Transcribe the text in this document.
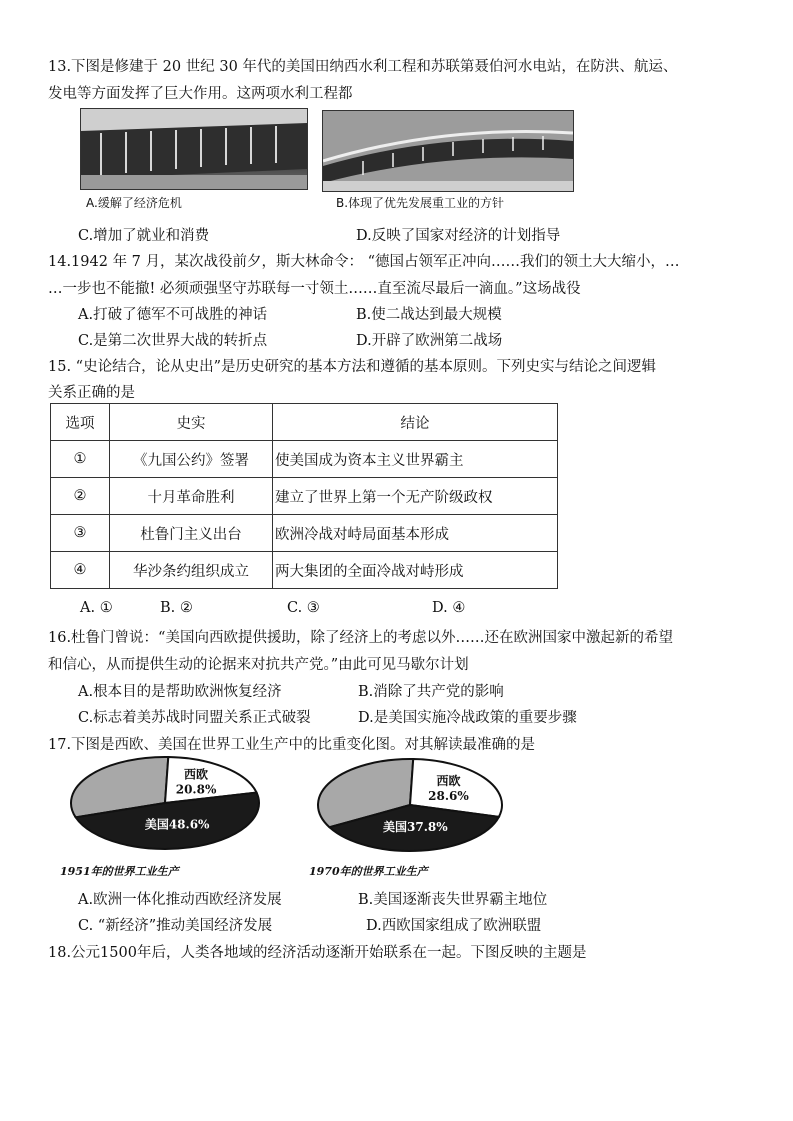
13.下图是修建于 20 世纪 30 年代的美国田纳西水利工程和苏联第聂伯河水电站，在防洪、航运、
发电等方面发挥了巨大作用。这两项水利工程都
A.缓解了经济危机	B.体现了优先发展重工业的方针
C.增加了就业和消费	D.反映了国家对经济的计划指导
14.1942 年 7 月，某次战役前夕，斯大林命令： “德国占领军正冲向……我们的领土大大缩小，…
…一步也不能撤! 必须顽强坚守苏联每一寸领土……直至流尽最后一滴血。”这场战役
A.打破了德军不可战胜的神话	B.使二战达到最大规模
C.是第二次世界大战的转折点	D.开辟了欧洲第二战场
15. “史论结合，论从史出”是历史研究的基本方法和遵循的基本原则。下列史实与结论之间逻辑
关系正确的是
选项	史实	结论
①	《九国公约》签署	使美国成为资本主义世界霸主
②	十月革命胜利	建立了世界上第一个无产阶级政权
③	杜鲁门主义出台	欧洲冷战对峙局面基本形成
④	华沙条约组织成立	两大集团的全面冷战对峙形成
A. ①	B. ②	C. ③	D. ④
16.杜鲁门曾说：“美国向西欧提供援助，除了经济上的考虑以外……还在欧洲国家中激起新的希望
和信心，从而提供生动的论据来对抗共产党。”由此可见马歇尔计划
A.根本目的是帮助欧洲恢复经济	B.消除了共产党的影响
C.标志着美苏战时同盟关系正式破裂	D.是美国实施冷战政策的重要步骤
17.下图是西欧、美国在世界工业生产中的比重变化图。对其解读最准确的是
西欧
20.8%
美国48.6%
1951年的世界工业生产
西欧
28.6%
美国37.8%
1970年的世界工业生产
A.欧洲一体化推动西欧经济发展	B.美国逐渐丧失世界霸主地位
C. “新经济”推动美国经济发展	D.西欧国家组成了欧洲联盟
18.公元1500年后，人类各地域的经济活动逐渐开始联系在一起。下图反映的主题是
